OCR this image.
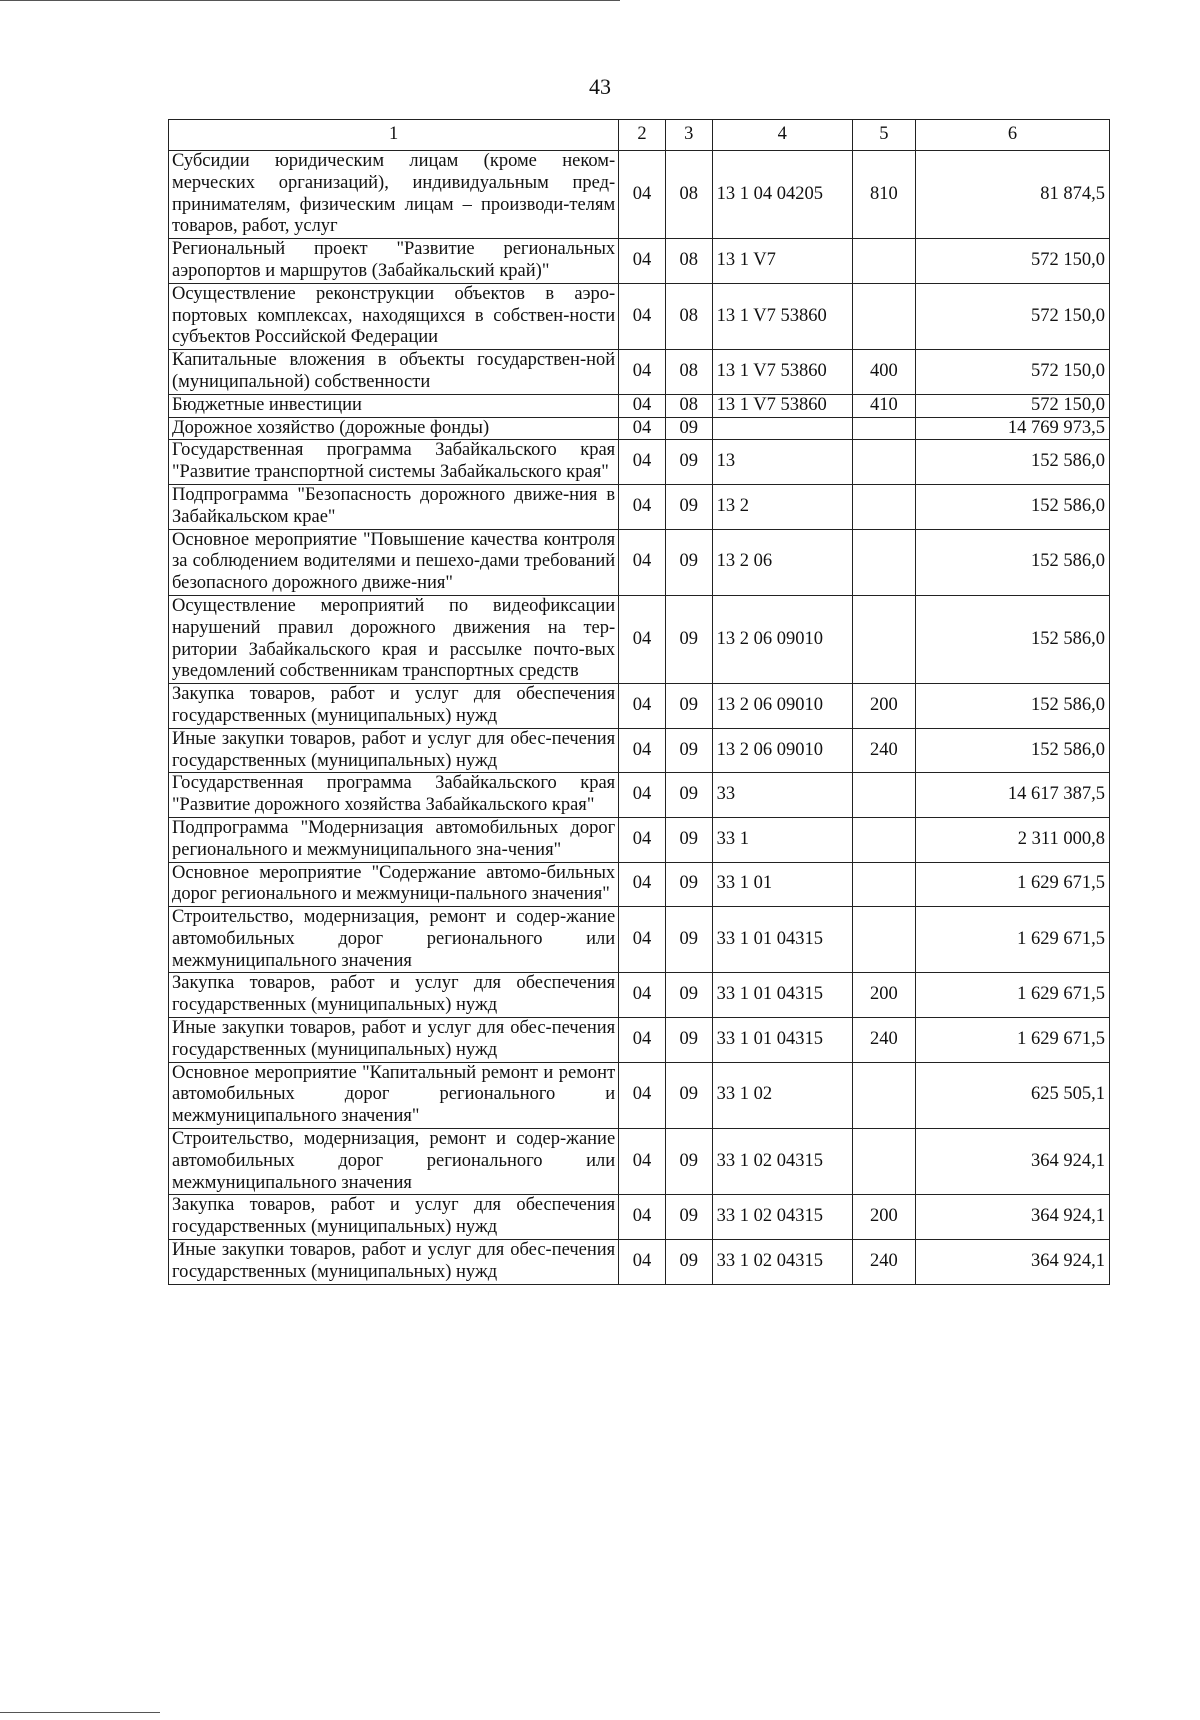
43
1	2	3	4	5	6
Субсидии юридическим лицам (кроме неком-мерческих организаций), индивидуальным пред-принимателям, физическим лицам – производи-телям товаров, работ, услуг	04	08	13 1 04 04205	810	81 874,5
Региональный проект "Развитие региональных аэропортов и маршрутов (Забайкальский край)"	04	08	13 1 V7		572 150,0
Осуществление реконструкции объектов в аэро-портовых комплексах, находящихся в собствен-ности субъектов Российской Федерации	04	08	13 1 V7 53860		572 150,0
Капитальные вложения в объекты государствен-ной (муниципальной) собственности	04	08	13 1 V7 53860	400	572 150,0
Бюджетные инвестиции	04	08	13 1 V7 53860	410	572 150,0
Дорожное хозяйство (дорожные фонды)	04	09			14 769 973,5
Государственная программа Забайкальского края "Развитие транспортной системы Забайкальского края"	04	09	13		152 586,0
Подпрограмма "Безопасность дорожного движе-ния в Забайкальском крае"	04	09	13 2		152 586,0
Основное мероприятие "Повышение качества контроля за соблюдением водителями и пешехо-дами требований безопасного дорожного движе-ния"	04	09	13 2 06		152 586,0
Осуществление мероприятий по видеофиксации нарушений правил дорожного движения на тер-ритории Забайкальского края и рассылке почто-вых уведомлений собственникам транспортных средств	04	09	13 2 06 09010		152 586,0
Закупка товаров, работ и услуг для обеспечения государственных (муниципальных) нужд	04	09	13 2 06 09010	200	152 586,0
Иные закупки товаров, работ и услуг для обес-печения государственных (муниципальных) нужд	04	09	13 2 06 09010	240	152 586,0
Государственная программа Забайкальского края "Развитие дорожного хозяйства Забайкальского края"	04	09	33		14 617 387,5
Подпрограмма "Модернизация автомобильных дорог регионального и межмуниципального зна-чения"	04	09	33 1		2 311 000,8
Основное мероприятие "Содержание автомо-бильных дорог регионального и межмуници-пального значения"	04	09	33 1 01		1 629 671,5
Строительство, модернизация, ремонт и содер-жание автомобильных дорог регионального или межмуниципального значения	04	09	33 1 01 04315		1 629 671,5
Закупка товаров, работ и услуг для обеспечения государственных (муниципальных) нужд	04	09	33 1 01 04315	200	1 629 671,5
Иные закупки товаров, работ и услуг для обес-печения государственных (муниципальных) нужд	04	09	33 1 01 04315	240	1 629 671,5
Основное мероприятие "Капитальный ремонт и ремонт автомобильных дорог регионального и межмуниципального значения"	04	09	33 1 02		625 505,1
Строительство, модернизация, ремонт и содер-жание автомобильных дорог регионального или межмуниципального значения	04	09	33 1 02 04315		364 924,1
Закупка товаров, работ и услуг для обеспечения государственных (муниципальных) нужд	04	09	33 1 02 04315	200	364 924,1
Иные закупки товаров, работ и услуг для обес-печения государственных (муниципальных) нужд	04	09	33 1 02 04315	240	364 924,1
